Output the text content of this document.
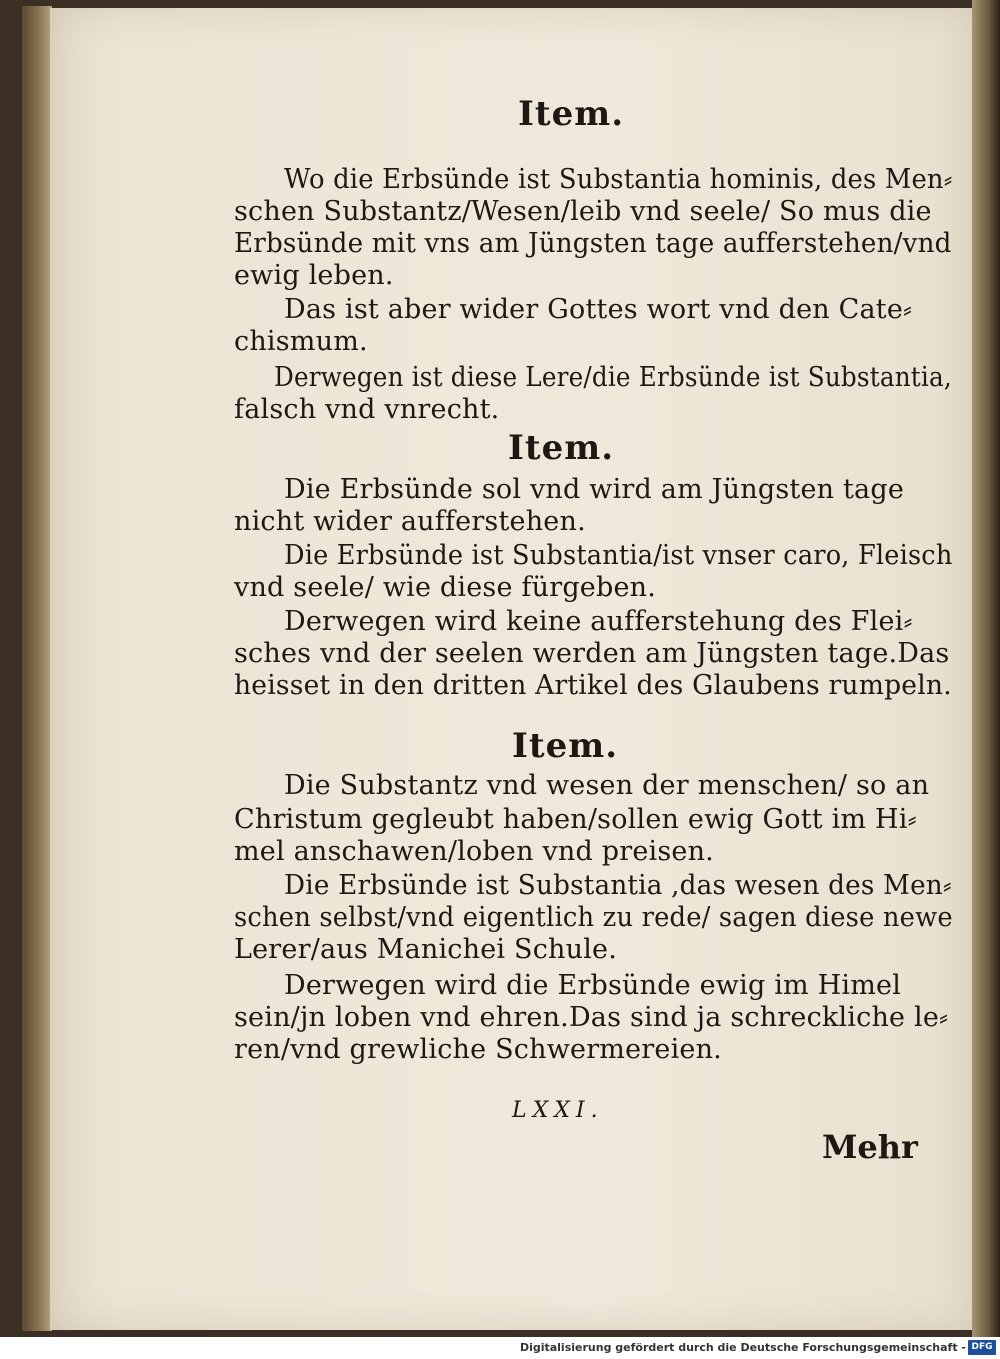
Item.
Wo die Erbsünde ist Substantia hominis, des Men⸗
schen Substantz/Wesen/leib vnd seele/ So mus die
Erbsünde mit vns am Jüngsten tage aufferstehen/vnd
ewig leben.
Das ist aber wider Gottes wort vnd den Cate⸗
chismum.
Derwegen ist diese Lere/die Erbsünde ist Substantia,
falsch vnd vnrecht.
Item.
Die Erbsünde sol vnd wird am Jüngsten tage
nicht wider aufferstehen.
Die Erbsünde ist Substantia/ist vnser caro, Fleisch
vnd seele/ wie diese fürgeben.
Derwegen wird keine aufferstehung des Flei⸗
sches vnd der seelen werden am Jüngsten tage.Das
heisset in den dritten Artikel des Glaubens rumpeln.
Item.
Die Substantz vnd wesen der menschen/ so an
Christum gegleubt haben/sollen ewig Gott im Hi⸗
mel anschawen/loben vnd preisen.
Die Erbsünde ist Substantia ,das wesen des Men⸗
schen selbst/vnd eigentlich zu rede/ sagen diese newe
Lerer/aus Manichei Schule.
Derwegen wird die Erbsünde ewig im Himel
sein/jn loben vnd ehren.Das sind ja schreckliche le⸗
ren/vnd grewliche Schwermereien.
LXXI.
Mehr
Digitalisierung gefördert durch die Deutsche Forschungsgemeinschaft - DFG
